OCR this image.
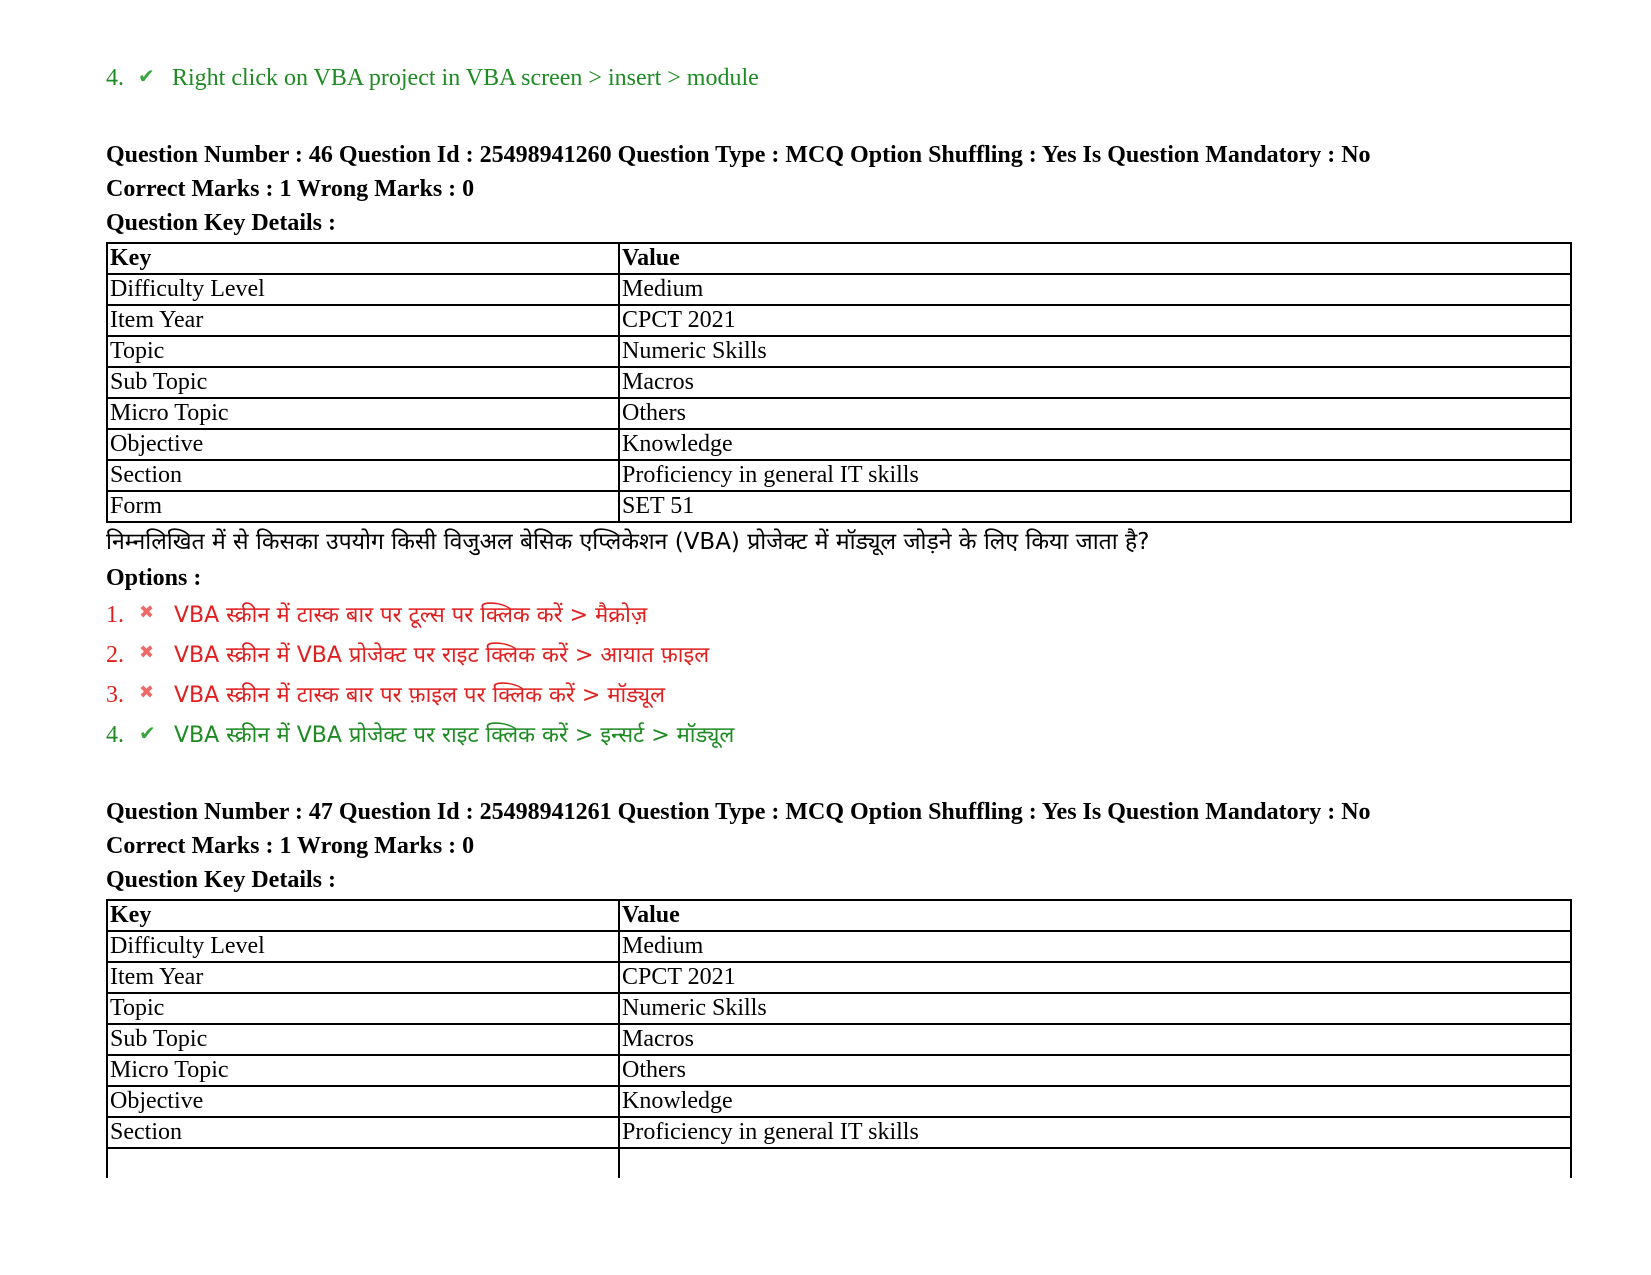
4. ✔ Right click on VBA project in VBA screen > insert > module
Question Number : 46 Question Id : 25498941260 Question Type : MCQ Option Shuffling : Yes Is Question Mandatory : No
Correct Marks : 1 Wrong Marks : 0
Question Key Details :
Key	Value
Difficulty Level	Medium
Item Year	CPCT 2021
Topic	Numeric Skills
Sub Topic	Macros
Micro Topic	Others
Objective	Knowledge
Section	Proficiency in general IT skills
Form	SET 51
निम्नलिखित में से किसका उपयोग किसी विजुअल बेसिक एप्लिकेशन (VBA) प्रोजेक्ट में मॉड्यूल जोड़ने के लिए किया जाता है?
Options :
1. ✖ VBA स्क्रीन में टास्क बार पर टूल्स पर क्लिक करें > मैक्रोज़
2. ✖ VBA स्क्रीन में VBA प्रोजेक्ट पर राइट क्लिक करें > आयात फ़ाइल
3. ✖ VBA स्क्रीन में टास्क बार पर फ़ाइल पर क्लिक करें > मॉड्यूल
4. ✔ VBA स्क्रीन में VBA प्रोजेक्ट पर राइट क्लिक करें > इन्सर्ट > मॉड्यूल
Question Number : 47 Question Id : 25498941261 Question Type : MCQ Option Shuffling : Yes Is Question Mandatory : No
Correct Marks : 1 Wrong Marks : 0
Question Key Details :
Key	Value
Difficulty Level	Medium
Item Year	CPCT 2021
Topic	Numeric Skills
Sub Topic	Macros
Micro Topic	Others
Objective	Knowledge
Section	Proficiency in general IT skills
